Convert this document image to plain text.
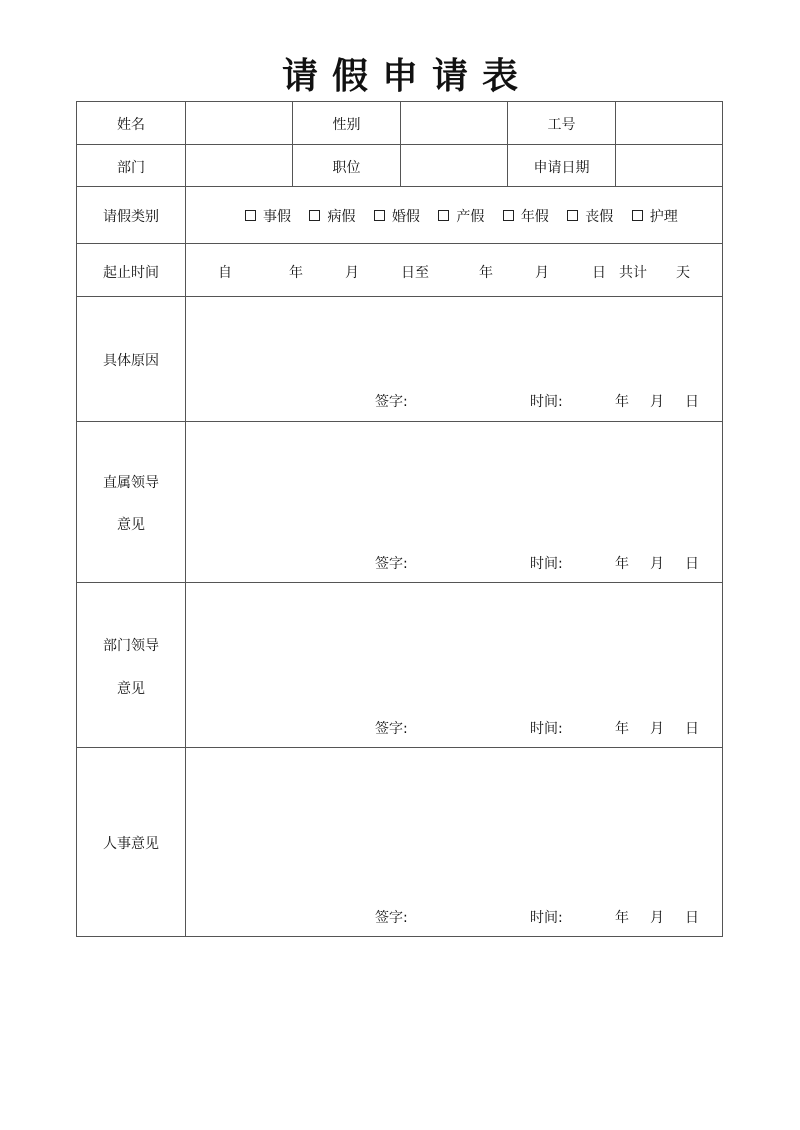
请假申请表
姓名	性别	工号
部门	职位	申请日期
请假类别	事假	病假	婚假	产假	年假	丧假	护理
起止时间	自	年	月	日至	年	月	日 共计 天
具体原因
签字:	时间:	年 月 日
直属领导
意见
签字:	时间:	年 月 日
部门领导
意见
签字:	时间:	年 月 日
人事意见
签字:	时间:	年 月 日
